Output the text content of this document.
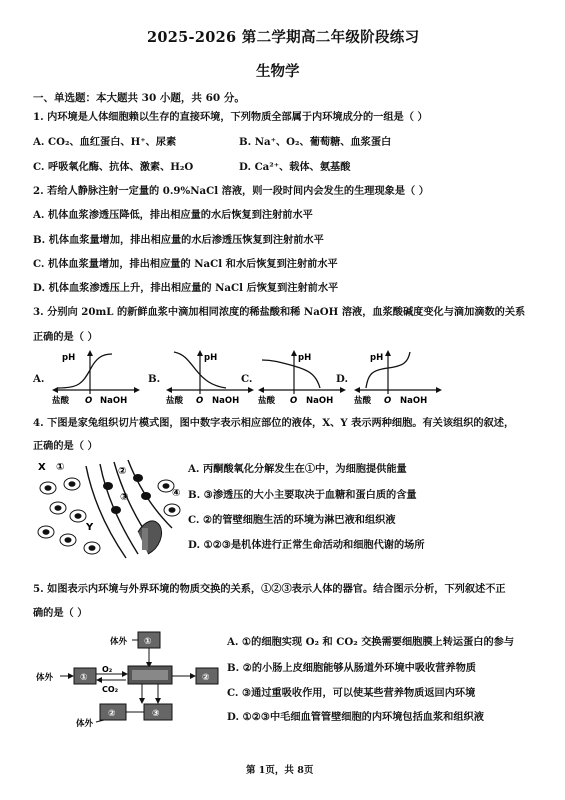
2025-2026 第二学期高二年级阶段练习
生物学
一、单选题：本大题共 30 小题，共 60 分。
1. 内环境是人体细胞赖以生存的直接环境，下列物质全部属于内环境成分的一组是（ ）
A. CO₂、血红蛋白、H⁺、尿素	B. Na⁺、O₂、葡萄糖、血浆蛋白
C. 呼吸氧化酶、抗体、激素、H₂O	D. Ca²⁺、载体、氨基酸
2. 若给人静脉注射一定量的 0.9%NaCl 溶液，则一段时间内会发生的生理现象是（ ）
A. 机体血浆渗透压降低，排出相应量的水后恢复到注射前水平
B. 机体血浆量增加，排出相应量的水后渗透压恢复到注射前水平
C. 机体血浆量增加，排出相应量的 NaCl 和水后恢复到注射前水平
D. 机体血浆渗透压上升，排出相应量的 NaCl 后恢复到注射前水平
3. 分别向 20mL 的新鲜血浆中滴加相同浓度的稀盐酸和稀 NaOH 溶液，血浆酸碱度变化与滴加滴数的关系
正确的是（ ）
A.
pH
盐酸 O NaOH
B.
pH
盐酸 O NaOH
C.
pH
盐酸 O NaOH
D.
pH
盐酸 O NaOH
4. 下图是家兔组织切片模式图，图中数字表示相应部位的液体，X、Y 表示两种细胞。有关该组织的叙述，
正确的是（ ）
X ①	②
③	④
Y
A. 丙酮酸氧化分解发生在①中，为细胞提供能量
B. ③渗透压的大小主要取决于血糖和蛋白质的含量
C. ②的管壁细胞生活的环境为淋巴液和组织液
D. ①②③是机体进行正常生命活动和细胞代谢的场所
5. 如图表示内环境与外界环境的物质交换的关系，①②③表示人体的器官。结合图示分析，下列叙述不正
确的是（ ）
①
体外
体外	①
O₂
CO₂
②
②	③
体外
A. ①的细胞实现 O₂ 和 CO₂ 交换需要细胞膜上转运蛋白的参与
B. ②的小肠上皮细胞能够从肠道外环境中吸收营养物质
C. ③通过重吸收作用，可以使某些营养物质返回内环境
D. ①②③中毛细血管管壁细胞的内环境包括血浆和组织液
第 1页，共 8页
